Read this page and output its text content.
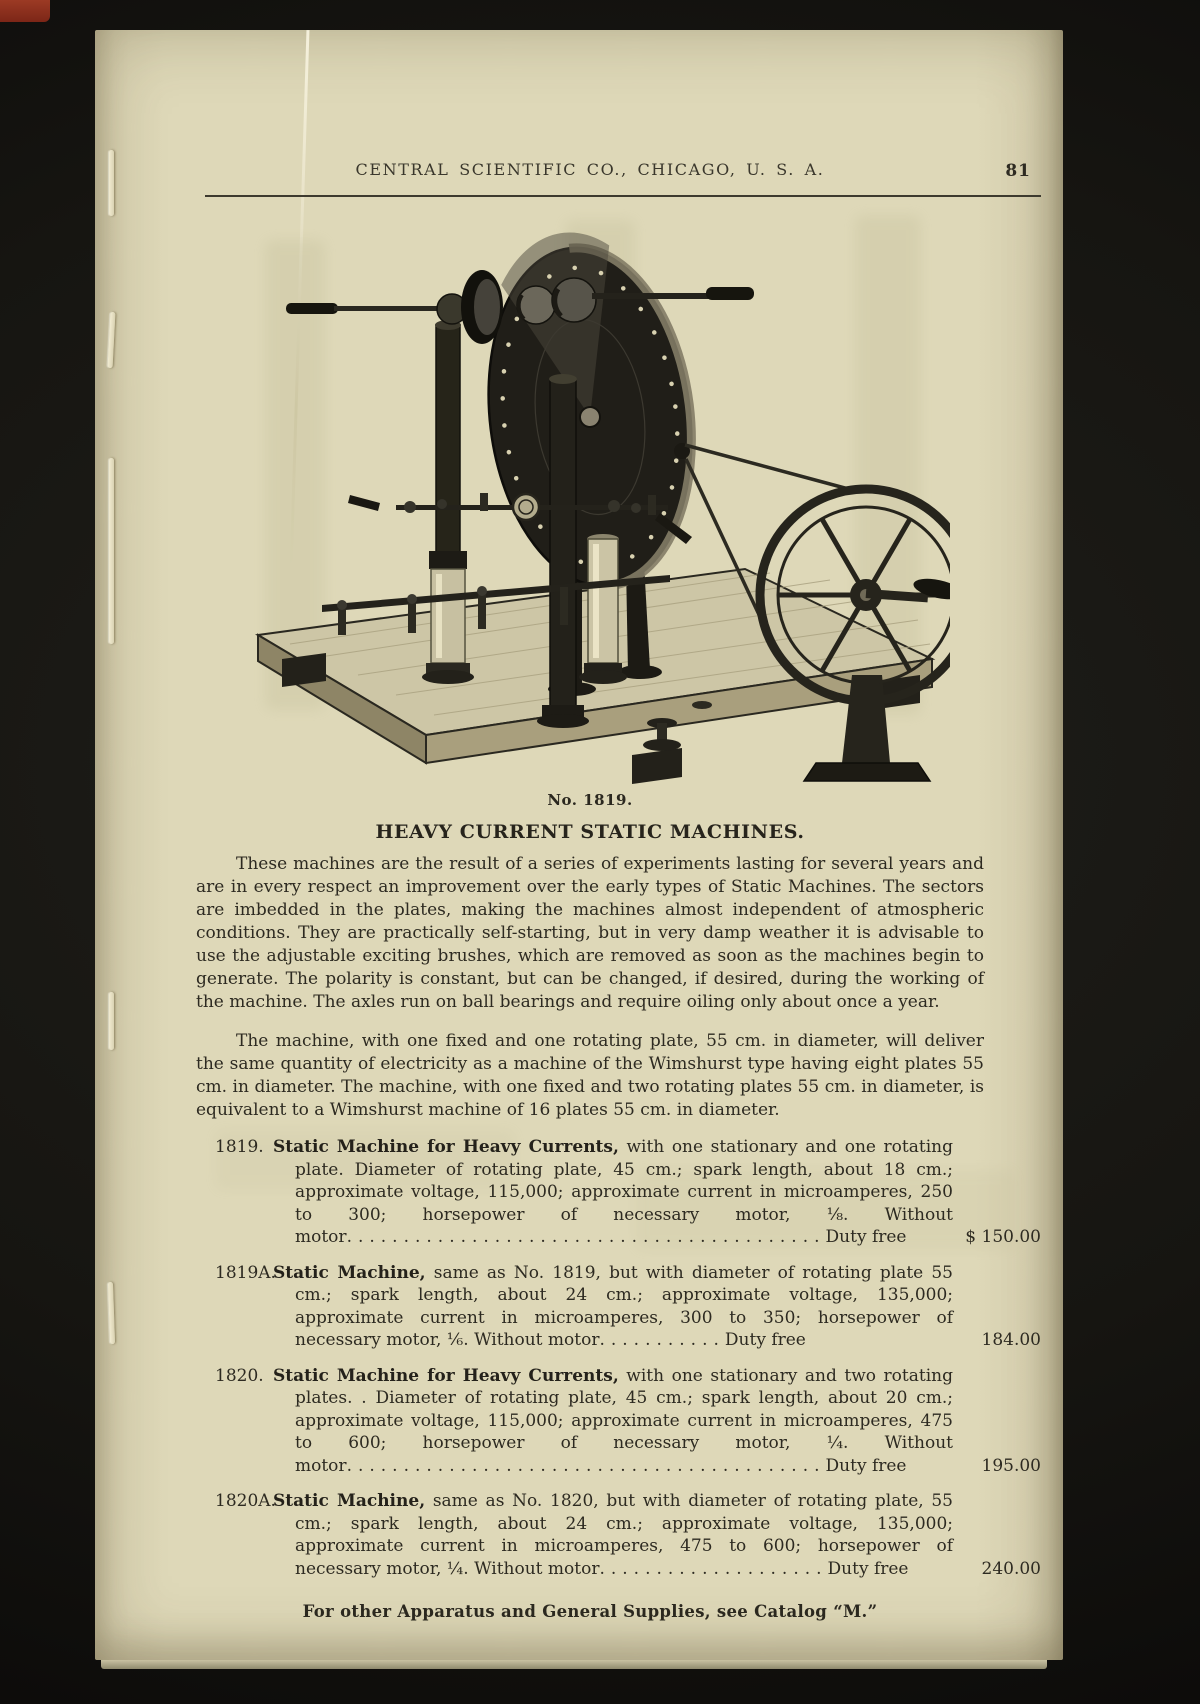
CENTRAL SCIENTIFIC CO., CHICAGO, U. S. A.	81
No. 1819.
HEAVY CURRENT STATIC MACHINES.

These machines are the result of a series of experiments lasting for several years and are in every respect an improvement over the early types of Static Machines. The sectors are imbedded in the plates, making the machines almost independent of atmospheric conditions. They are practically self-starting, but in very damp weather it is advisable to use the adjustable exciting brushes, which are removed as soon as the machines begin to generate. The polarity is constant, but can be changed, if desired, during the working of the machine. The axles run on ball bearings and require oiling only about once a year.

The machine, with one fixed and one rotating plate, 55 cm. in diameter, will deliver the same quantity of electricity as a machine of the Wimshurst type having eight plates 55 cm. in diameter. The machine, with one fixed and two rotating plates 55 cm. in diameter, is equivalent to a Wimshurst machine of 16 plates 55 cm. in diameter.

1819. Static Machine for Heavy Currents, with one stationary and one rotating plate. Diameter of rotating plate, 45 cm.; spark length, about 18 cm.; approximate voltage, 115,000; approximate current in microamperes, 250 to 300; horsepower of necessary motor, ⅛. Without motor..........................................Duty free	$ 150.00
1819A.
Static Machine, same as No. 1819, but with diameter of rotating plate 55 cm.; spark length, about 24 cm.; approximate voltage, 135,000; approximate current in microamperes, 300 to 350; horsepower of necessary motor, ⅙. Without motor...........Duty free	184.00
1820. Static Machine for Heavy Currents, with one stationary and two rotating plates. . Diameter of rotating plate, 45 cm.; spark length, about 20 cm.; approximate voltage, 115,000; approximate current in microamperes, 475 to 600; horsepower of necessary motor, ¼. Without motor..........................................Duty free	195.00
1820A.
Static Machine, same as No. 1820, but with diameter of rotating plate, 55 cm.; spark length, about 24 cm.; approximate voltage, 135,000; approximate current in microamperes, 475 to 600; horsepower of necessary motor, ¼. Without motor....................Duty free	240.00
For other Apparatus and General Supplies, see Catalog “M.”
